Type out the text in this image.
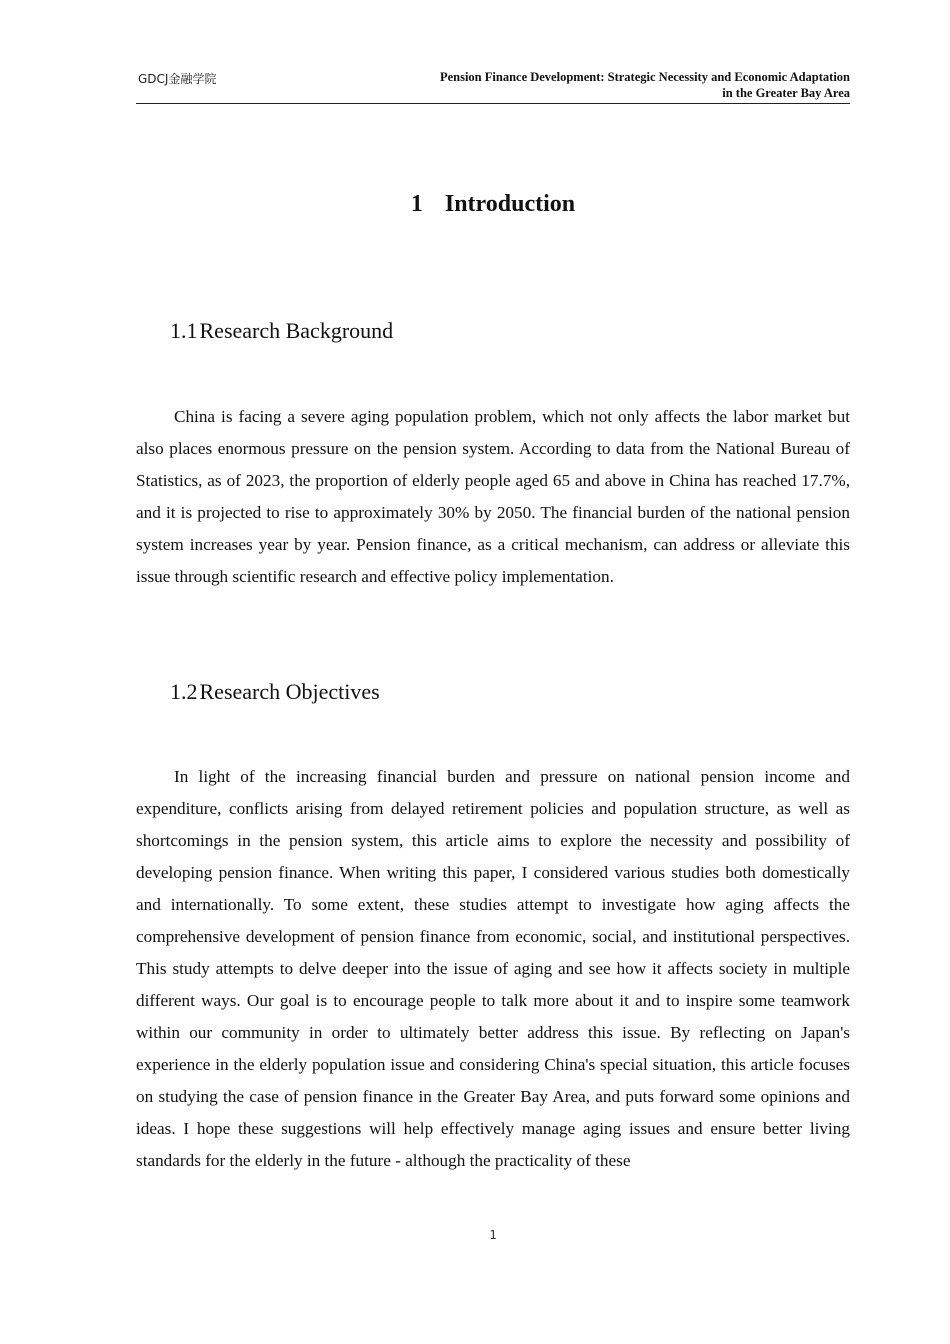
GDCJ金融学院	Pension Finance Development: Strategic Necessity and Economic Adaptation
in the Greater Bay Area
1 Introduction
1.1Research Background

China is facing a severe aging population problem, which not only affects the labor market but also places enormous pressure on the pension system. According to data from the National Bureau of Statistics, as of 2023, the proportion of elderly people aged 65 and above in China has reached 17.7%, and it is projected to rise to approximately 30% by 2050. The financial burden of the national pension system increases year by year. Pension finance, as a critical mechanism, can address or alleviate this issue through scientific research and effective policy implementation.

1.2Research Objectives

In light of the increasing financial burden and pressure on national pension income and expenditure, conflicts arising from delayed retirement policies and population structure, as well as shortcomings in the pension system, this article aims to explore the necessity and possibility of developing pension finance. When writing this paper, I considered various studies both domestically and internationally. To some extent, these studies attempt to investigate how aging affects the comprehensive development of pension finance from economic, social, and institutional perspectives. This study attempts to delve deeper into the issue of aging and see how it affects society in multiple different ways. Our goal is to encourage people to talk more about it and to inspire some teamwork within our community in order to ultimately better address this issue. By reflecting on Japan's experience in the elderly population issue and considering China's special situation, this article focuses on studying the case of pension finance in the Greater Bay Area, and puts forward some opinions and ideas. I hope these suggestions will help effectively manage aging issues and ensure better living standards for the elderly in the future - although the practicality of these

1
